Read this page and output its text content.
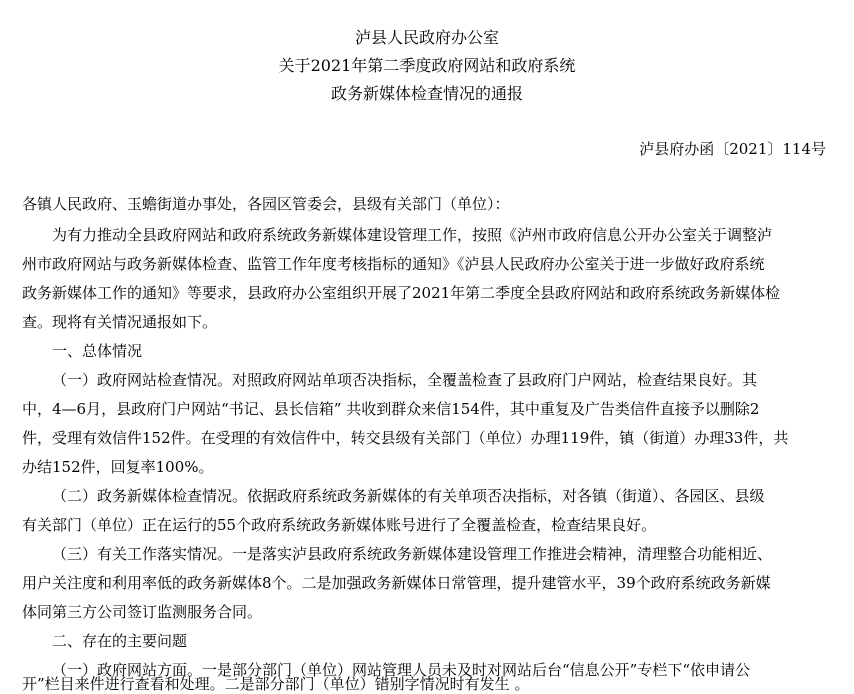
泸县人民政府办公室
关于2021年第二季度政府网站和政府系统
政务新媒体检查情况的通报
泸县府办函〔2021〕114号
各镇人民政府、玉蟾街道办事处，各园区管委会，县级有关部门（单位）：
为有力推动全县政府网站和政府系统政务新媒体建设管理工作，按照《泸州市政府信息公开办公室关于调整泸
州市政府网站与政务新媒体检查、监管工作年度考核指标的通知》《泸县人民政府办公室关于进一步做好政府系统
政务新媒体工作的通知》等要求，县政府办公室组织开展了2021年第二季度全县政府网站和政府系统政务新媒体检
查。现将有关情况通报如下。
一、总体情况
（一）政府网站检查情况。对照政府网站单项否决指标，全覆盖检查了县政府门户网站，检查结果良好。其
中，4—6月，县政府门户网站“书记、县长信箱” 共收到群众来信154件，其中重复及广告类信件直接予以删除2
件，受理有效信件152件。在受理的有效信件中，转交县级有关部门（单位）办理119件，镇（街道）办理33件，共
办结152件，回复率100%。
（二）政务新媒体检查情况。依据政府系统政务新媒体的有关单项否决指标，对各镇（街道）、各园区、县级
有关部门（单位）正在运行的55个政府系统政务新媒体账号进行了全覆盖检查，检查结果良好。
（三）有关工作落实情况。一是落实泸县政府系统政务新媒体建设管理工作推进会精神，清理整合功能相近、
用户关注度和利用率低的政务新媒体8个。二是加强政务新媒体日常管理，提升建管水平，39个政府系统政务新媒
体同第三方公司签订监测服务合同。
二、存在的主要问题
（一）政府网站方面。一是部分部门（单位）网站管理人员未及时对网站后台“信息公开”专栏下“依申请公
开”栏目来件进行查看和处理。二是部分部门（单位）错别字情况时有发生 。
